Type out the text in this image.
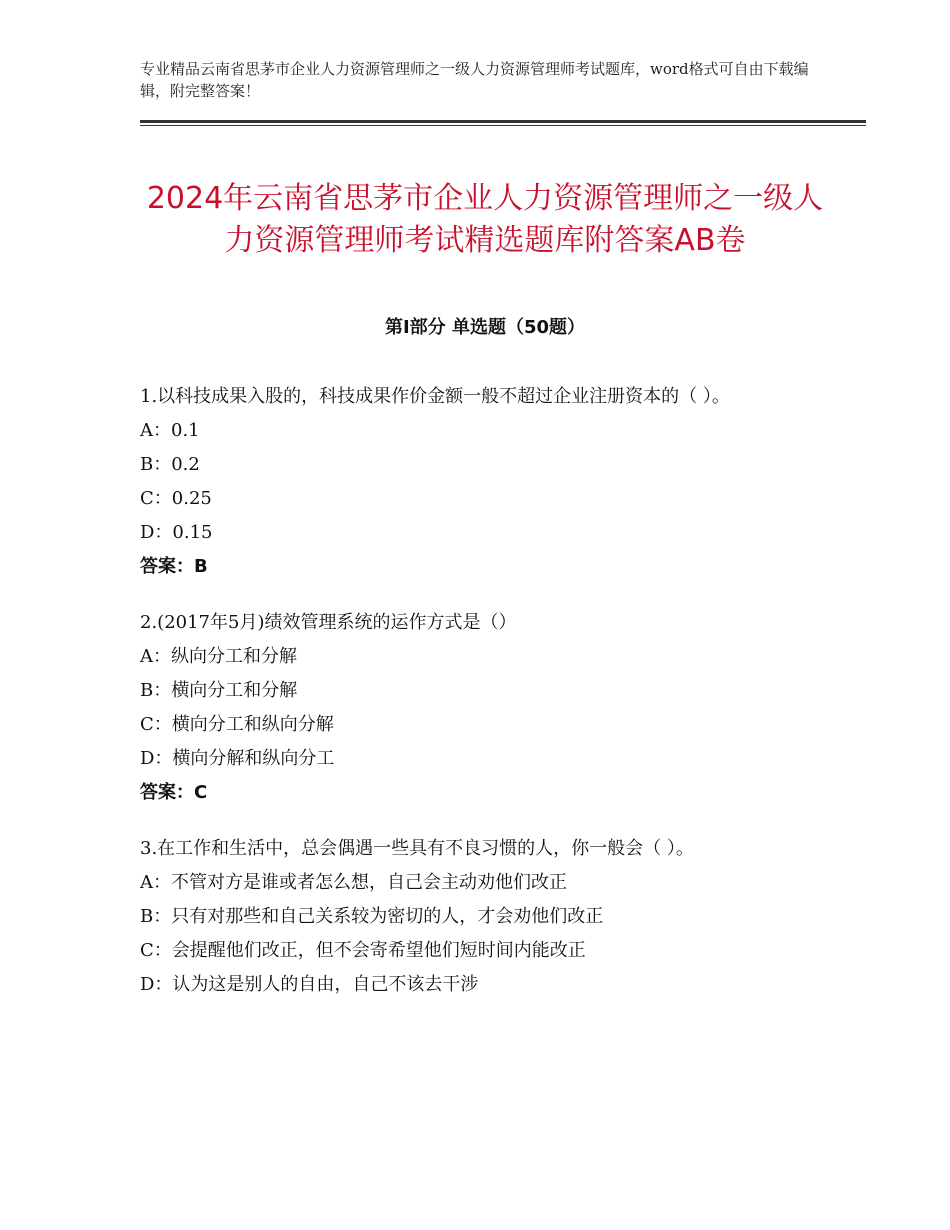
专业精品云南省思茅市企业人力资源管理师之一级人力资源管理师考试题库，word格式可自由下载编辑，附完整答案！
2024年云南省思茅市企业人力资源管理师之一级人力资源管理师考试精选题库附答案AB卷
第Ⅰ部分 单选题（50题）
1.以科技成果入股的，科技成果作价金额一般不超过企业注册资本的（ ）。
A：0.1
B：0.2
C：0.25
D：0.15
答案：B
2.(2017年5月)绩效管理系统的运作方式是（）
A：纵向分工和分解
B：横向分工和分解
C：横向分工和纵向分解
D：横向分解和纵向分工
答案：C
3.在工作和生活中，总会偶遇一些具有不良习惯的人，你一般会（ ）。
A：不管对方是谁或者怎么想，自己会主动劝他们改正
B：只有对那些和自己关系较为密切的人，才会劝他们改正
C：会提醒他们改正，但不会寄希望他们短时间内能改正
D：认为这是别人的自由，自己不该去干涉
